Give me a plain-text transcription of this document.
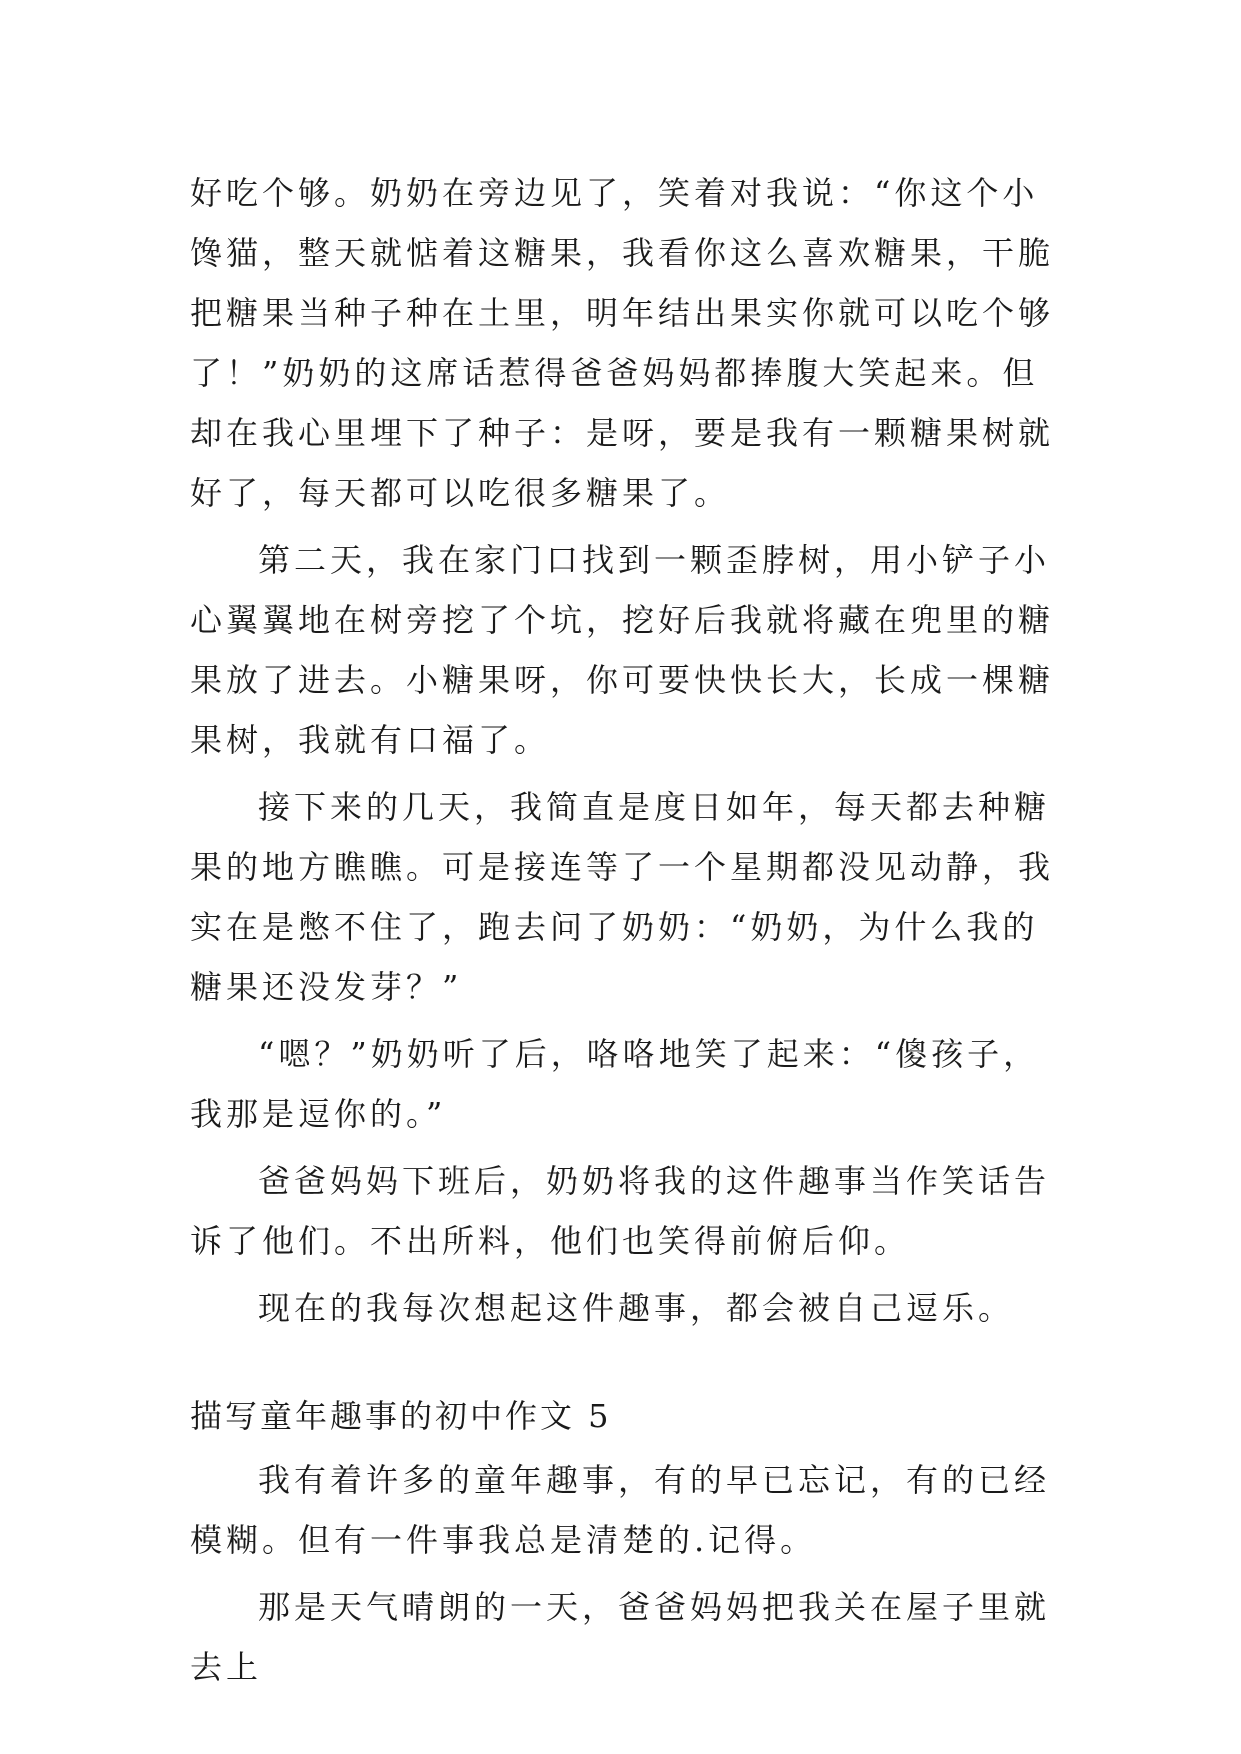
好吃个够。奶奶在旁边见了，笑着对我说：“你这个小馋猫，整天就惦着这糖果，我看你这么喜欢糖果，干脆把糖果当种子种在土里，明年结出果实你就可以吃个够了！”奶奶的这席话惹得爸爸妈妈都捧腹大笑起来。但却在我心里埋下了种子：是呀，要是我有一颗糖果树就好了，每天都可以吃很多糖果了。

第二天，我在家门口找到一颗歪脖树，用小铲子小心翼翼地在树旁挖了个坑，挖好后我就将藏在兜里的糖果放了进去。小糖果呀，你可要快快长大，长成一棵糖果树，我就有口福了。

接下来的几天，我简直是度日如年，每天都去种糖果的地方瞧瞧。可是接连等了一个星期都没见动静，我实在是憋不住了，跑去问了奶奶：“奶奶，为什么我的糖果还没发芽？”

“嗯？”奶奶听了后，咯咯地笑了起来：“傻孩子，我那是逗你的。”

爸爸妈妈下班后，奶奶将我的这件趣事当作笑话告诉了他们。不出所料，他们也笑得前俯后仰。

现在的我每次想起这件趣事，都会被自己逗乐。

描写童年趣事的初中作文 5

我有着许多的童年趣事，有的早已忘记，有的已经模糊。但有一件事我总是清楚的.记得。

那是天气晴朗的一天，爸爸妈妈把我关在屋子里就去上
